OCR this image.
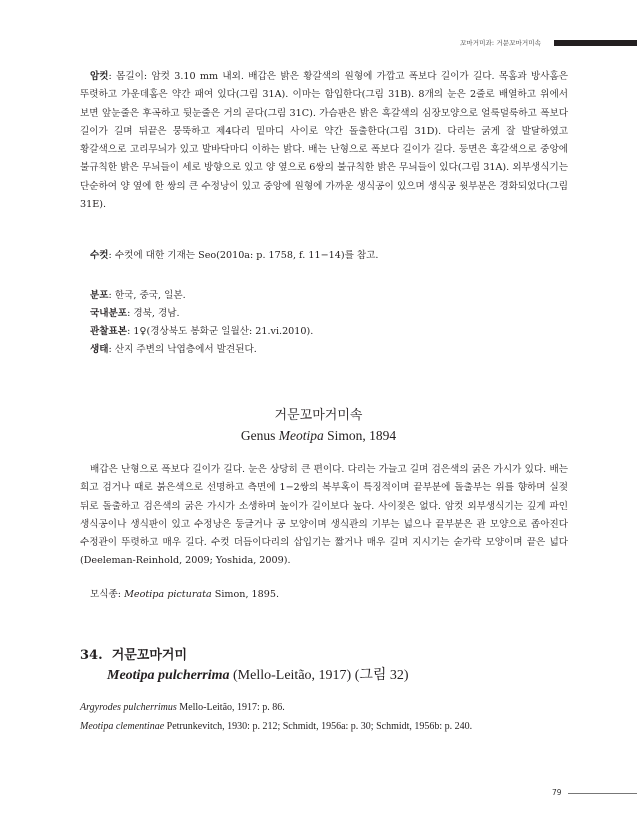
꼬마거미과: 거문꼬마거미속
암컷: 몸길이: 암컷 3.10 mm 내외. 배갑은 밝은 황갈색의 원형에 가깝고 폭보다 길이가 길다. 목홈과 방사홈은 뚜렷하고 가운데홈은 약간 패여 있다(그림 31A). 이마는 함입한다(그림 31B). 8개의 눈은 2줄로 배열하고 위에서 보면 앞눈줄은 후곡하고 뒷눈줄은 거의 곧다(그림 31C). 가슴판은 밝은 흑갈색의 심장모양으로 얼룩덜룩하고 폭보다 길이가 길며 뒤끝은 뭉뚝하고 제4다리 밑마디 사이로 약간 돌출한다(그림 31D). 다리는 굵게 잘 발달하였고 황갈색으로 고리무늬가 있고 발바닥마디 이하는 밝다. 배는 난형으로 폭보다 길이가 길다. 등면은 흑갈색으로 중앙에 불규칙한 밝은 무늬들이 세로 방향으로 있고 양 옆으로 6쌍의 불규칙한 밝은 무늬들이 있다(그림 31A). 외부생식기는 단순하여 양 옆에 한 쌍의 큰 수정낭이 있고 중앙에 원형에 가까운 생식공이 있으며 생식공 윗부분은 경화되었다(그림 31E).
수컷: 수컷에 대한 기재는 Seo(2010a: p. 1758, f. 11−14)를 참고.
분포: 한국, 중국, 일본.
국내분포: 경북, 경남.
관찰표본: 1♀(경상북도 봉화군 일월산: 21.vi.2010).
생태: 산지 주변의 낙엽층에서 발견된다.
거문꼬마거미속
Genus Meotipa Simon, 1894
배갑은 난형으로 폭보다 길이가 길다. 눈은 상당히 큰 편이다. 다리는 가늘고 길며 검은색의 굵은 가시가 있다. 배는 희고 검거나 때로 붉은색으로 선명하고 측면에 1−2쌍의 복부혹이 특징적이며 끝부분에 돌출부는 위를 향하며 실젖 뒤로 돌출하고 검은색의 굵은 가시가 소생하며 높이가 길이보다 높다. 사이젖은 없다. 암컷 외부생식기는 깊게 파인 생식공이나 생식판이 있고 수정낭은 둥글거나 공 모양이며 생식관의 기부는 넓으나 끝부분은 관 모양으로 좁아진다 수정관이 뚜렷하고 매우 길다. 수컷 더듬이다리의 삽입기는 짧거나 매우 길며 지시기는 숟가락 모양이며 끝은 넓다(Deeleman-Reinhold, 2009; Yoshida, 2009).
모식종: Meotipa picturata Simon, 1895.
34. 거문꼬마거미
Meotipa pulcherrima (Mello-Leitão, 1917) (그림 32)
Argyrodes pulcherrimus Mello-Leitão, 1917: p. 86.
Meotipa clementinae Petrunkevitch, 1930: p. 212; Schmidt, 1956a: p. 30; Schmidt, 1956b: p. 240.
79
